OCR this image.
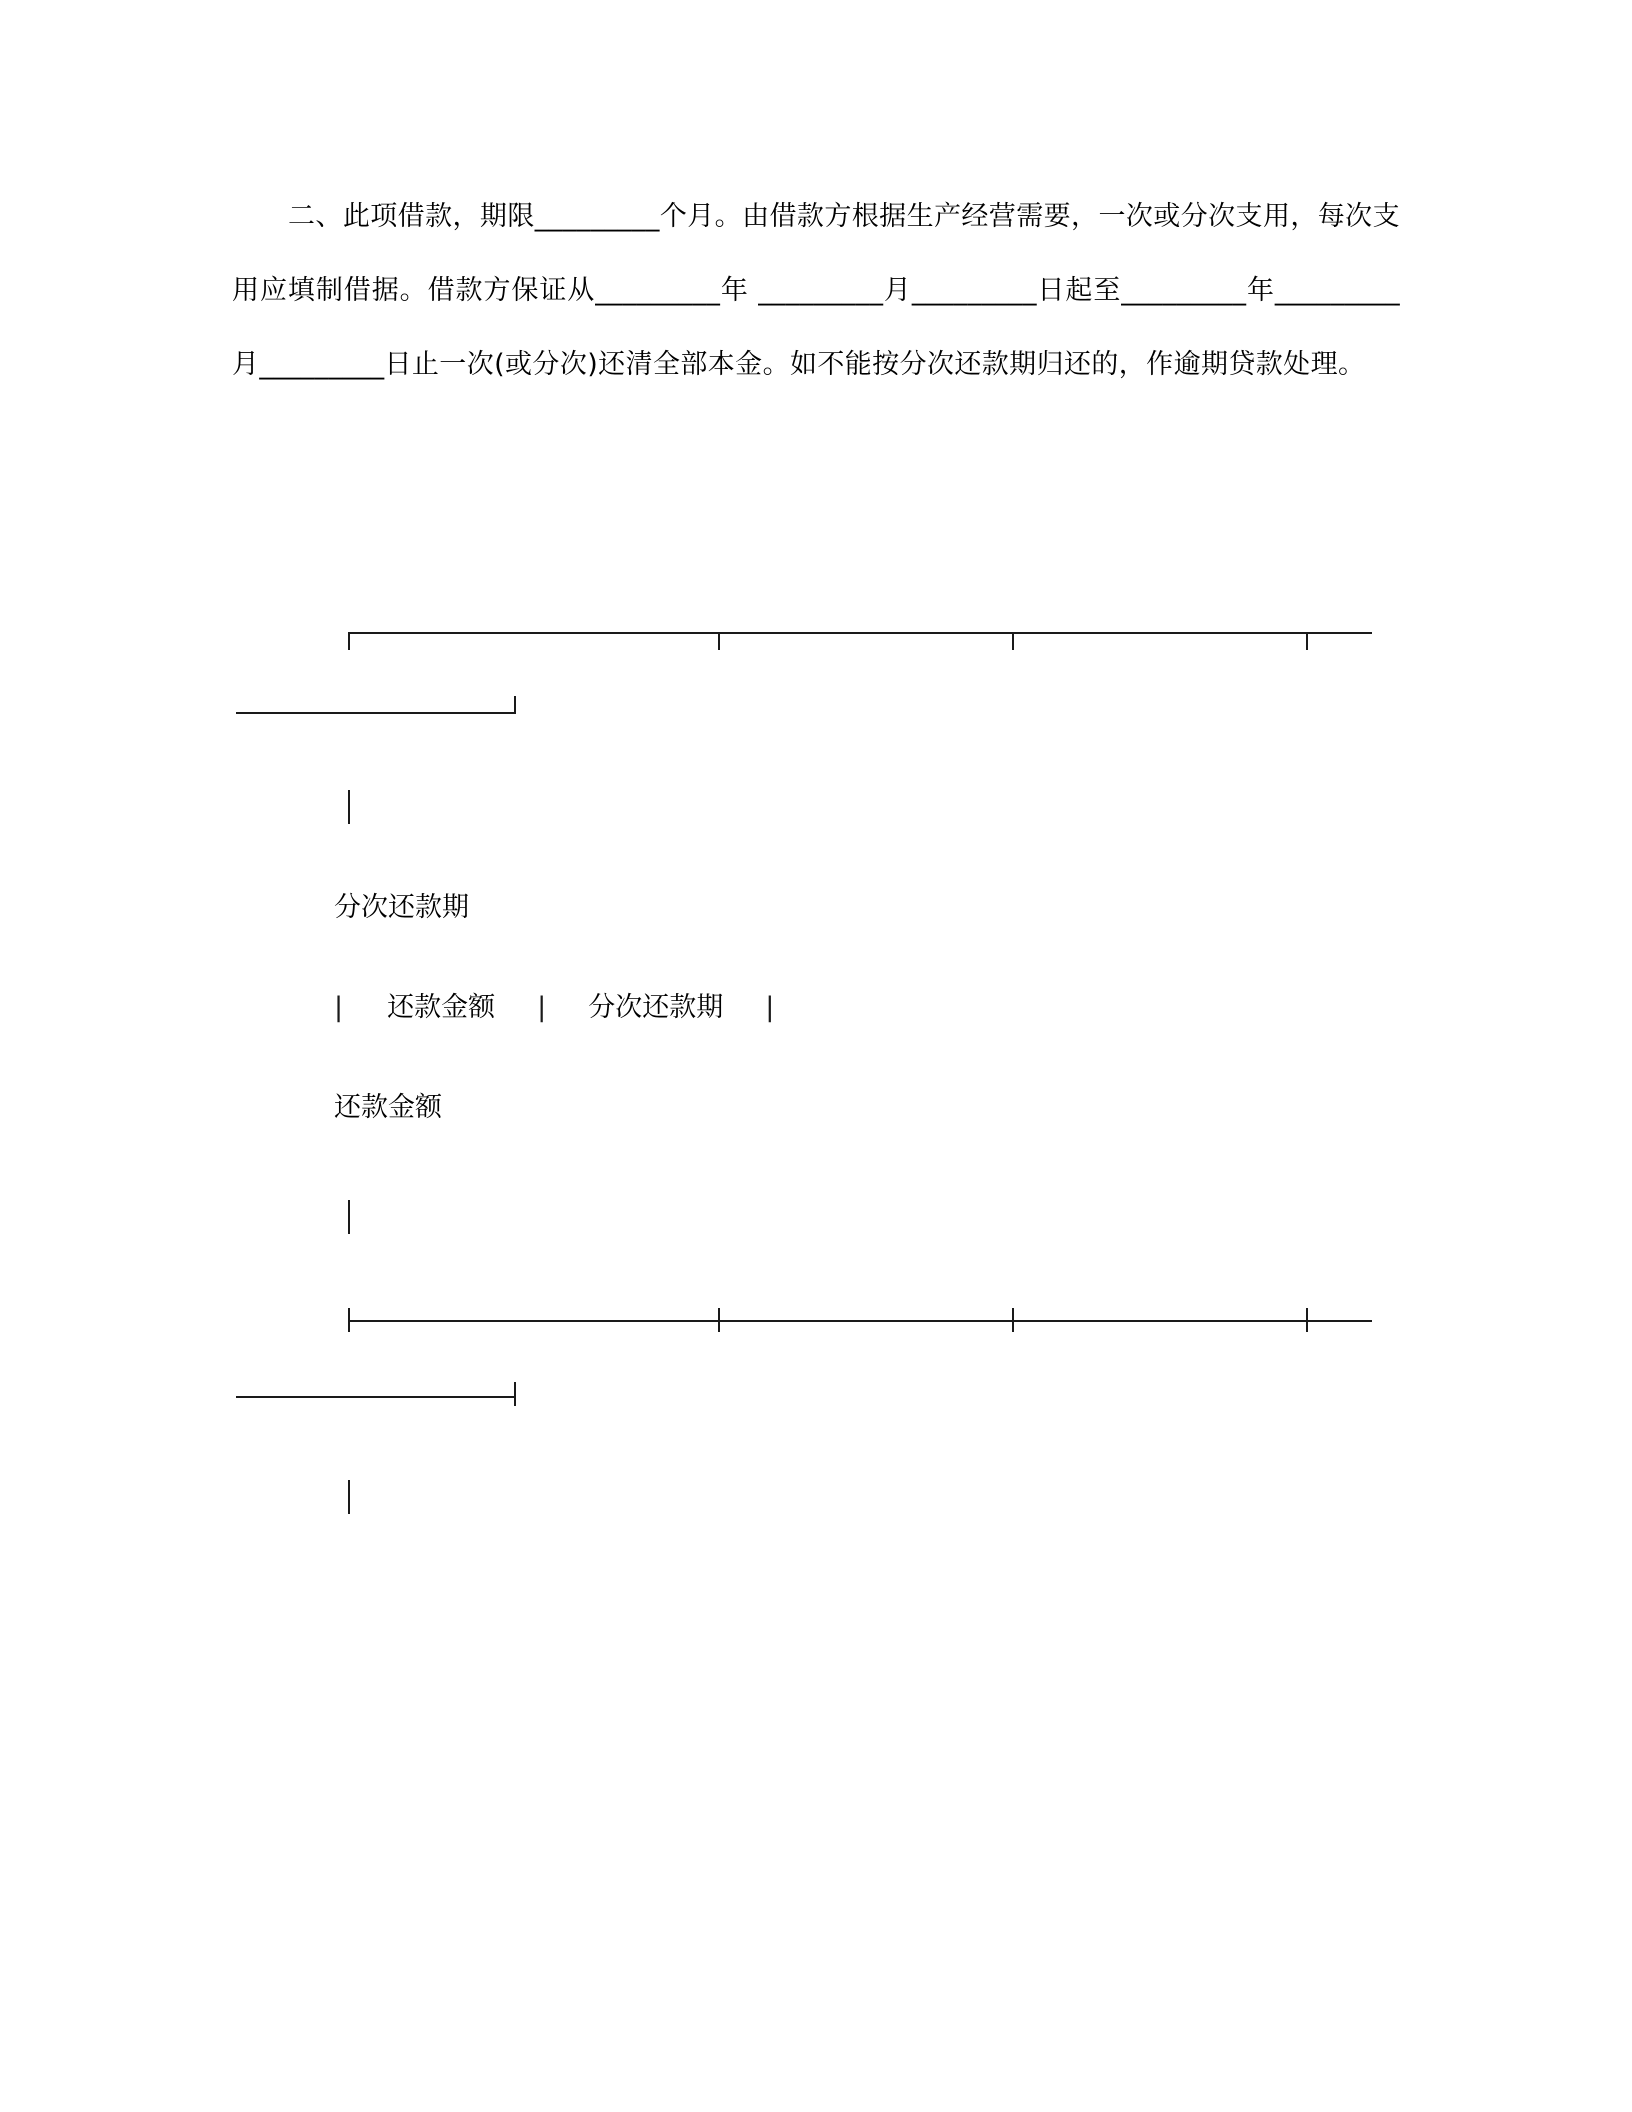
二、此项借款，期限_________个月。由借款方根据生产经营需要，一次或分次支用，每次支用应填制借据。借款方保证从_________年 _________月_________日起至_________年_________月_________日止一次(或分次)还清全部本金。如不能按分次还款期归还的，作逾期贷款处理。
分次还款期
| 还款金额 | 分次还款期 |
还款金额
